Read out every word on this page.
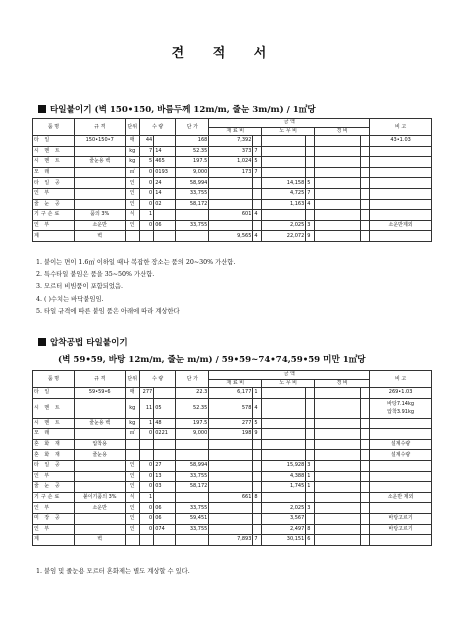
견 적 서
타일붙이기 (벽 150•150, 바름두께 12m/m, 줄눈 3m/m) / 1㎡당
품 명	규 격	단위	수 량		단 가	금 액						비 고
						재 료 비		노 무 비		경 비		
타 일	150•150•7	매	44		168	7,392						43•1.03
시 멘 트		kg	7	14	52.35	373	7					
시 멘 트	줄눈용 백	kg	5	465	197.5	1,024	5					
모 래		㎥	0	0193	9,000	173	7					
타 일 공		인	0	24	58,994			14,158	5			
인 부		인	0	14	33,755			4,725	7			
줄 눈 공		인	0	02	58,172			1,163	4			
기구손료	품의 3%	식	1			601	4					
인 부	소운반	인	0	06	33,755			2,025	3			소운반제외
계	벽					9,565	4	22,072	9			
1. 붙이는 면이 1.6㎡ 이하일 때나 복잡한 장소는 품의 20~30% 가산함.
2. 특수타일 붙임은 품을 35~50% 가산함.
3. 모르터 비빔품이 포함되었음.
4. ( )수치는 바닥붙임임.
5. 타일 규격에 따른 붙임 품은 아래에 따라 계상한다
압착공법 타일붙이기
(벽 59•59, 바탕 12m/m, 줄눈 m/m) / 59•59~74•74,59•59 미만 1㎡당
품 명	규 격	단위	수 량		단 가	금 액						비 고
						재 료 비		노 무 비		경 비		
타 일	59•59•6	매	277		22.3	6,177	1					269•1.03
시 멘 트		kg	11	05	52.35	578	4					바탕7.14kg
압착3.91kg
시 멘 트	줄눈용 백	kg	1	48	197.5	277	5					
모 래		㎥	0	0221	9,000	198	9					
혼 화 재	압착용											설계수량
혼 화 재	줄눈용											설계수량
타 일 공		인	0	27	58,994			15,928	3			
인 부		인	0	13	33,755			4,388	1			
줄 눈 공		인	0	03	58,172			1,745	1			
기구손료	붙이기품의 3%	식	1			661	8					소운반 제외
인 부	소운반	인	0	06	33,755			2,025	3			
미 장 공		인	0	06	59,451			3,567				바탕고르기
인 부		인	0	074	33,755			2,497	8			바탕고르기
계	벽					7,893	7	30,151	6			
1. 붙임 및 줄눈용 모르터 혼화제는 별도 계상할 수 있다.
